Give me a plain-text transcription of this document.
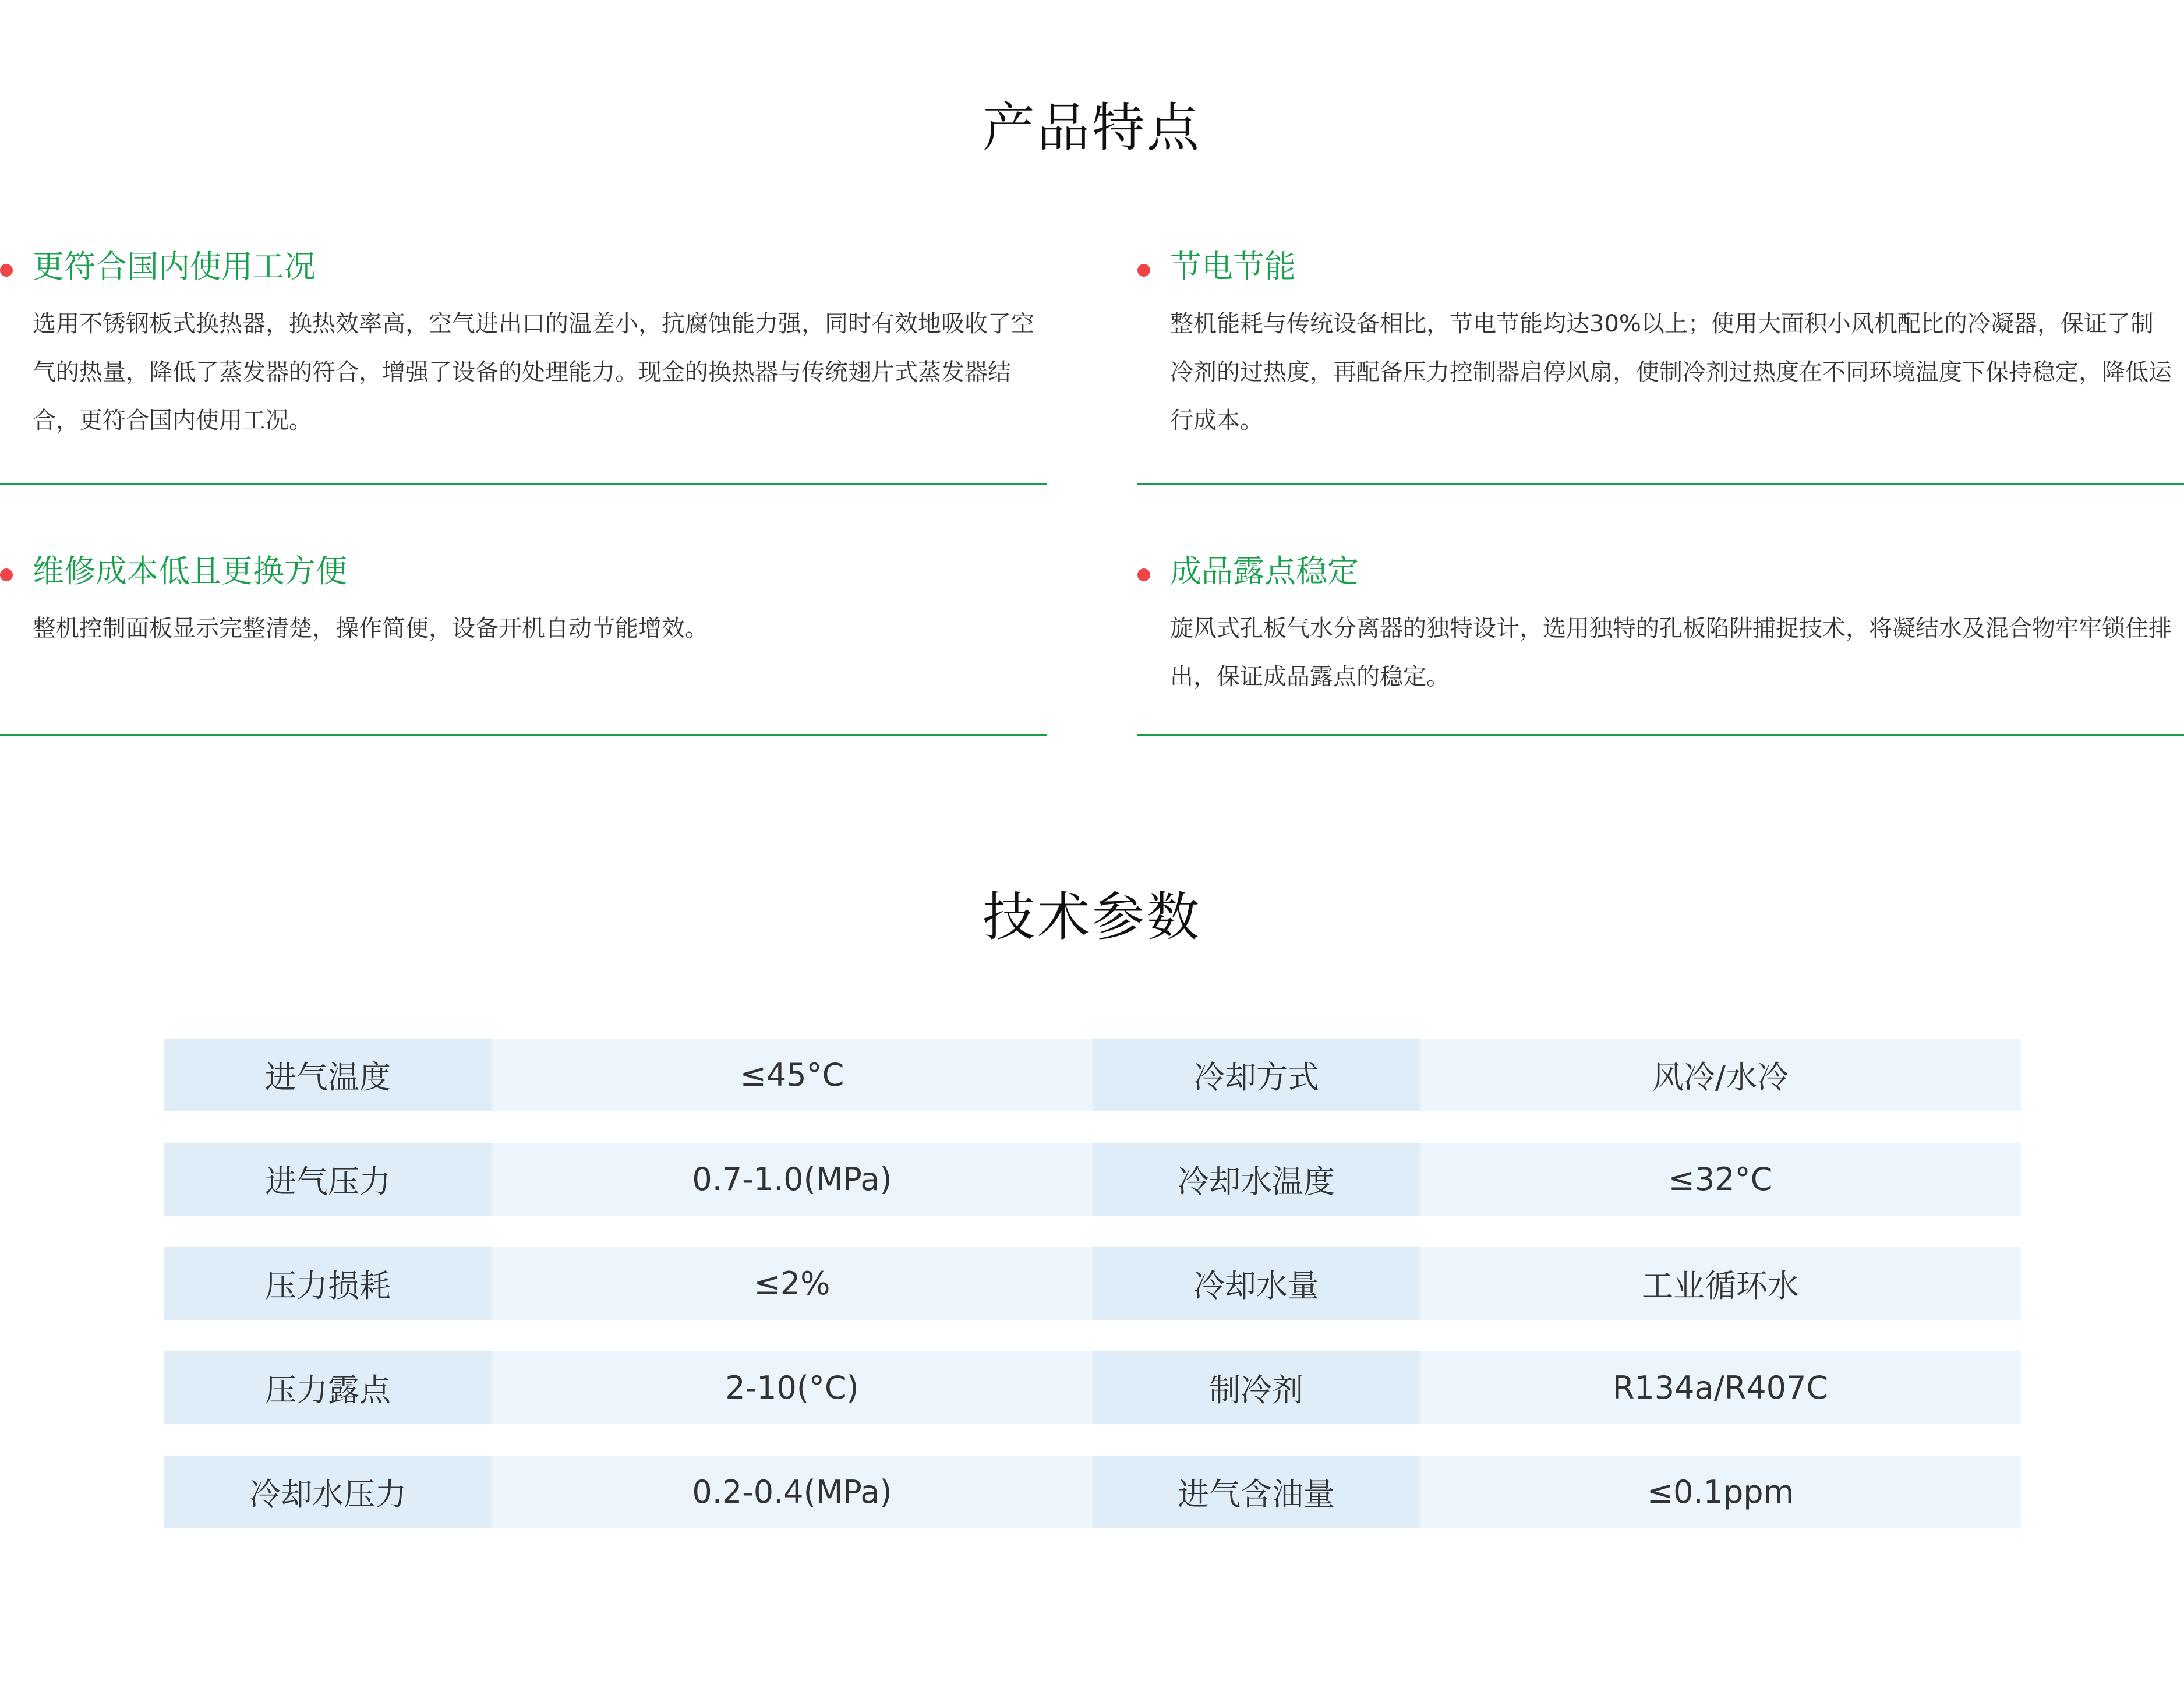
产品特点
更符合国内使用工况
选用不锈钢板式换热器，换热效率高，空气进出口的温差小，抗腐蚀能力强，同时有效地吸收了空气的热量，降低了蒸发器的符合，增强了设备的处理能力。现金的换热器与传统翅片式蒸发器结合，更符合国内使用工况。
节电节能
整机能耗与传统设备相比，节电节能均达30%以上；使用大面积小风机配比的冷凝器，保证了制冷剂的过热度，再配备压力控制器启停风扇，使制冷剂过热度在不同环境温度下保持稳定，降低运行成本。
维修成本低且更换方便
整机控制面板显示完整清楚，操作简便，设备开机自动节能增效。
成品露点稳定
旋风式孔板气水分离器的独特设计，选用独特的孔板陷阱捕捉技术，将凝结水及混合物牢牢锁住排出，保证成品露点的稳定。
技术参数
进气温度	≤45°C	冷却方式	风冷/水冷
进气压力	0.7-1.0(MPa)	冷却水温度	≤32°C
压力损耗	≤2%	冷却水量	工业循环水
压力露点	2-10(°C)	制冷剂	R134a/R407C
冷却水压力	0.2-0.4(MPa)	进气含油量	≤0.1ppm
